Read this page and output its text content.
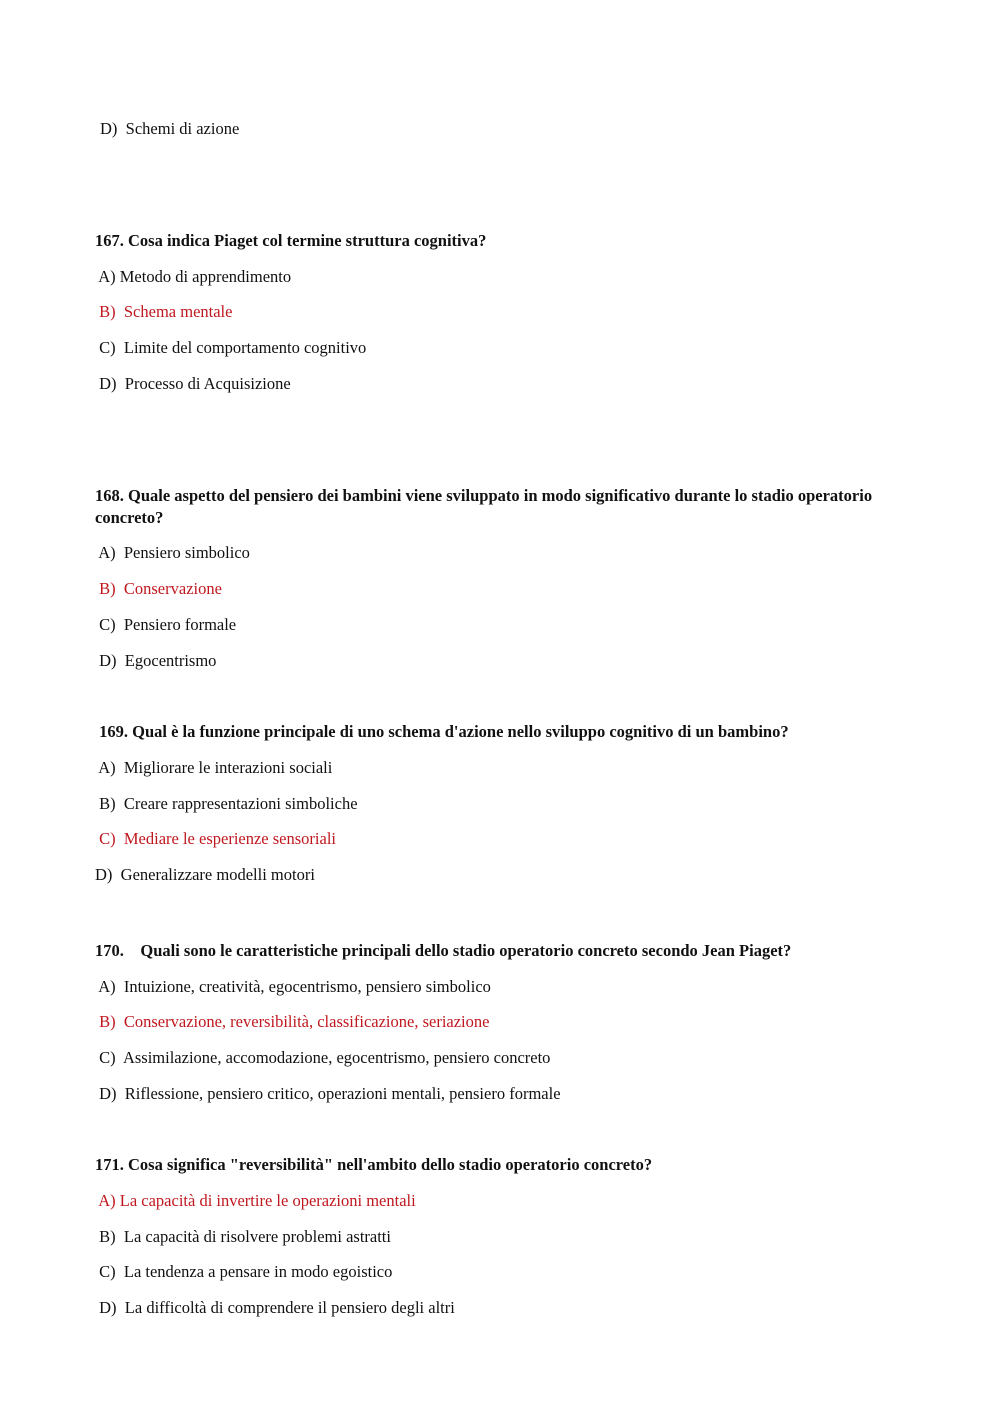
D)  Schemi di azione
167. Cosa indica Piaget col termine struttura cognitiva?
A) Metodo di apprendimento
B)  Schema mentale
C)  Limite del comportamento cognitivo
D)  Processo di Acquisizione
168. Quale aspetto del pensiero dei bambini viene sviluppato in modo significativo durante lo stadio operatorio
concreto?
A)  Pensiero simbolico
B)  Conservazione
C)  Pensiero formale
D)  Egocentrismo
169. Qual è la funzione principale di uno schema d'azione nello sviluppo cognitivo di un bambino?
A)  Migliorare le interazioni sociali
B)  Creare rappresentazioni simboliche
C)  Mediare le esperienze sensoriali
D)  Generalizzare modelli motori
170.    Quali sono le caratteristiche principali dello stadio operatorio concreto secondo Jean Piaget?
A)  Intuizione, creatività, egocentrismo, pensiero simbolico
B)  Conservazione, reversibilità, classificazione, seriazione
C)  Assimilazione, accomodazione, egocentrismo, pensiero concreto
D)  Riflessione, pensiero critico, operazioni mentali, pensiero formale
171. Cosa significa "reversibilità" nell'ambito dello stadio operatorio concreto?
A) La capacità di invertire le operazioni mentali
B)  La capacità di risolvere problemi astratti
C)  La tendenza a pensare in modo egoistico
D)  La difficoltà di comprendere il pensiero degli altri
